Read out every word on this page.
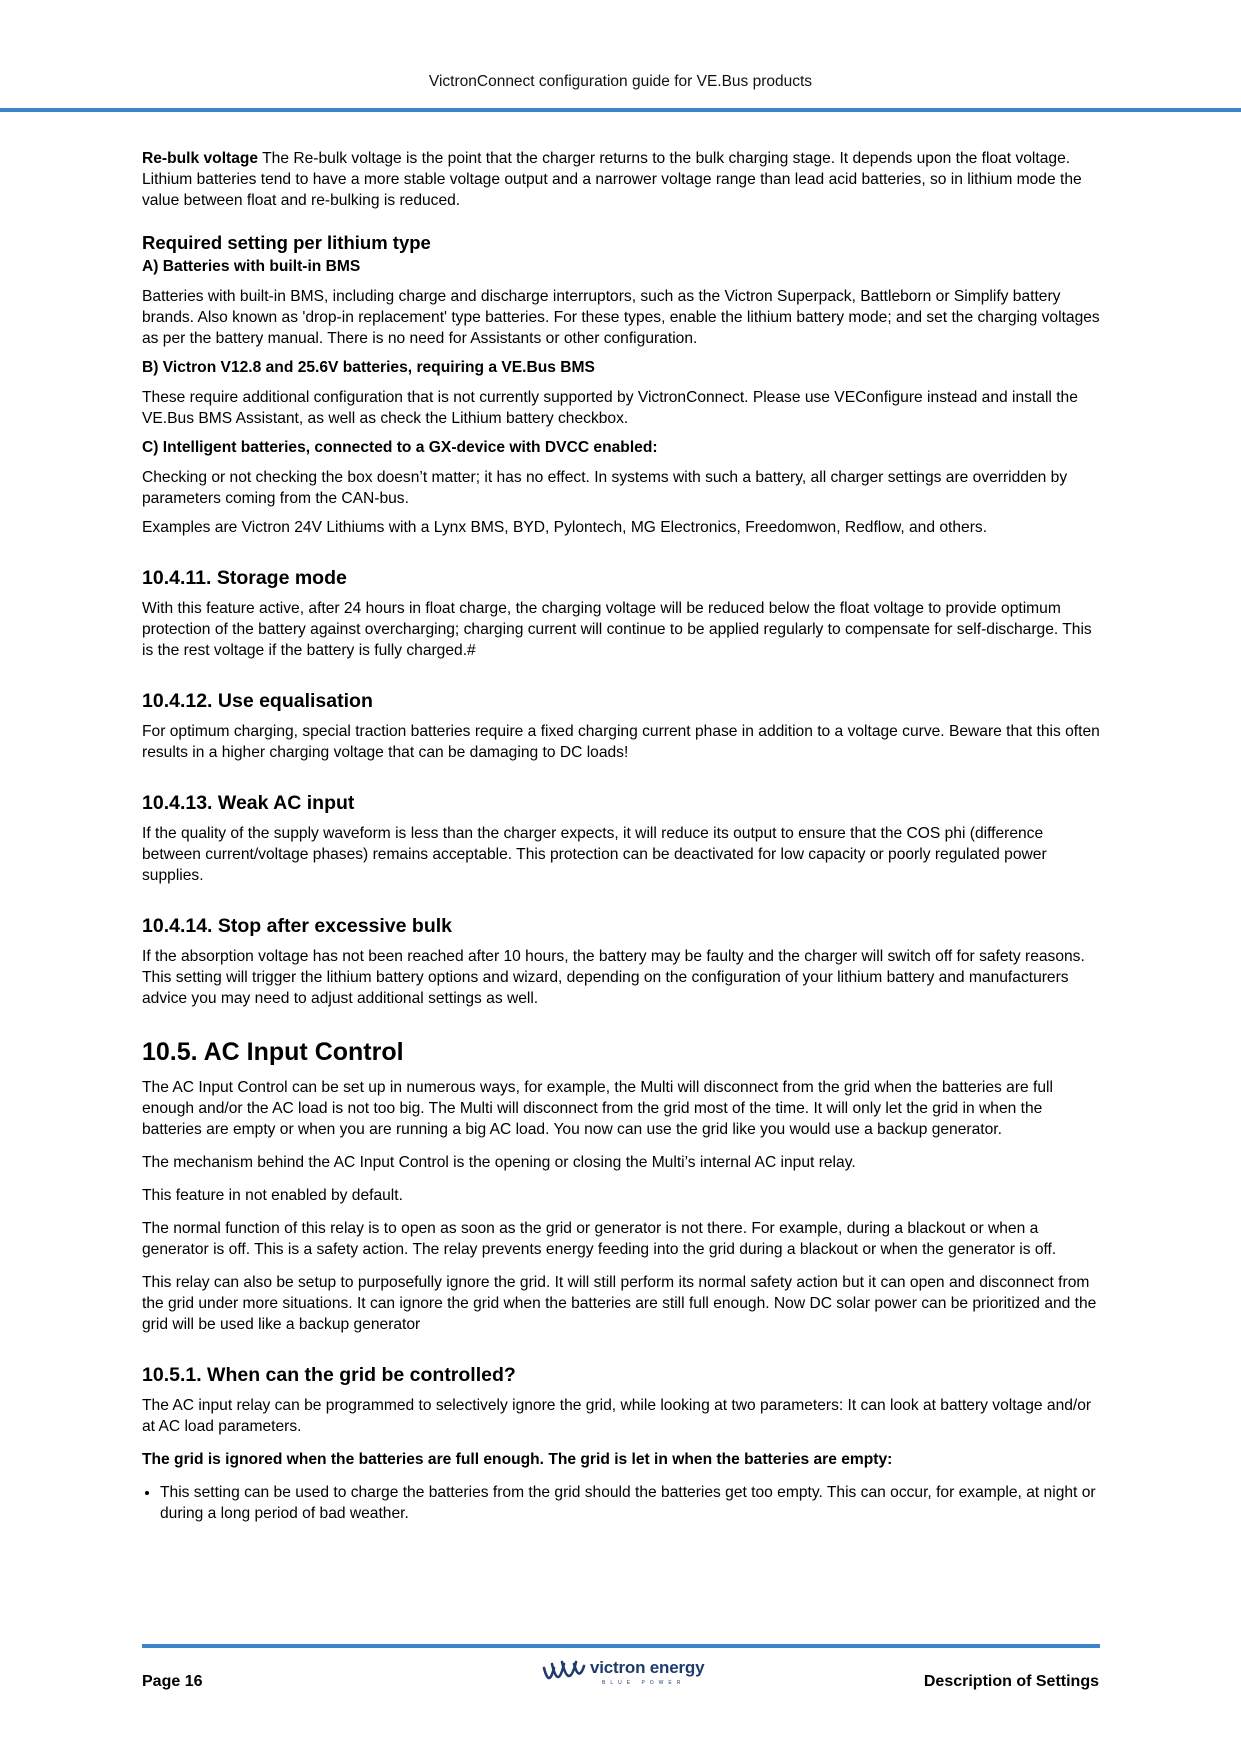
VictronConnect configuration guide for VE.Bus products

Re-bulk voltage The Re-bulk voltage is the point that the charger returns to the bulk charging stage. It depends upon the float voltage. Lithium batteries tend to have a more stable voltage output and a narrower voltage range than lead acid batteries, so in lithium mode the value between float and re-bulking is reduced.

Required setting per lithium type
A) Batteries with built-in BMS

Batteries with built-in BMS, including charge and discharge interruptors, such as the Victron Superpack, Battleborn or Simplify battery brands. Also known as 'drop-in replacement' type batteries. For these types, enable the lithium battery mode; and set the charging voltages as per the battery manual. There is no need for Assistants or other configuration.

B) Victron V12.8 and 25.6V batteries, requiring a VE.Bus BMS

These require additional configuration that is not currently supported by VictronConnect. Please use VEConfigure instead and install the VE.Bus BMS Assistant, as well as check the Lithium battery checkbox.

C) Intelligent batteries, connected to a GX-device with DVCC enabled:

Checking or not checking the box doesn’t matter; it has no effect. In systems with such a battery, all charger settings are overridden by parameters coming from the CAN-bus.

Examples are Victron 24V Lithiums with a Lynx BMS, BYD, Pylontech, MG Electronics, Freedomwon, Redflow, and others.

10.4.11. Storage mode

With this feature active, after 24 hours in float charge, the charging voltage will be reduced below the float voltage to provide optimum protection of the battery against overcharging; charging current will continue to be applied regularly to compensate for self-discharge. This is the rest voltage if the battery is fully charged.#

10.4.12. Use equalisation

For optimum charging, special traction batteries require a fixed charging current phase in addition to a voltage curve. Beware that this often results in a higher charging voltage that can be damaging to DC loads!

10.4.13. Weak AC input

If the quality of the supply waveform is less than the charger expects, it will reduce its output to ensure that the COS phi (difference between current/voltage phases) remains acceptable. This protection can be deactivated for low capacity or poorly regulated power supplies.

10.4.14. Stop after excessive bulk

If the absorption voltage has not been reached after 10 hours, the battery may be faulty and the charger will switch off for safety reasons. This setting will trigger the lithium battery options and wizard, depending on the configuration of your lithium battery and manufacturers advice you may need to adjust additional settings as well.

10.5. AC Input Control

The AC Input Control can be set up in numerous ways, for example, the Multi will disconnect from the grid when the batteries are full enough and/or the AC load is not too big. The Multi will disconnect from the grid most of the time. It will only let the grid in when the batteries are empty or when you are running a big AC load. You now can use the grid like you would use a backup generator.

The mechanism behind the AC Input Control is the opening or closing the Multi’s internal AC input relay.

This feature in not enabled by default.

The normal function of this relay is to open as soon as the grid or generator is not there. For example, during a blackout or when a generator is off. This is a safety action. The relay prevents energy feeding into the grid during a blackout or when the generator is off.

This relay can also be setup to purposefully ignore the grid. It will still perform its normal safety action but it can open and disconnect from the grid under more situations. It can ignore the grid when the batteries are still full enough. Now DC solar power can be prioritized and the grid will be used like a backup generator

10.5.1. When can the grid be controlled?

The AC input relay can be programmed to selectively ignore the grid, while looking at two parameters: It can look at battery voltage and/or at AC load parameters.

The grid is ignored when the batteries are full enough. The grid is let in when the batteries are empty:
• This setting can be used to charge the batteries from the grid should the batteries get too empty. This can occur, for example, at night or during a long period of bad weather.
Page 16
victron energy
BLUE POWER	Description of Settings
